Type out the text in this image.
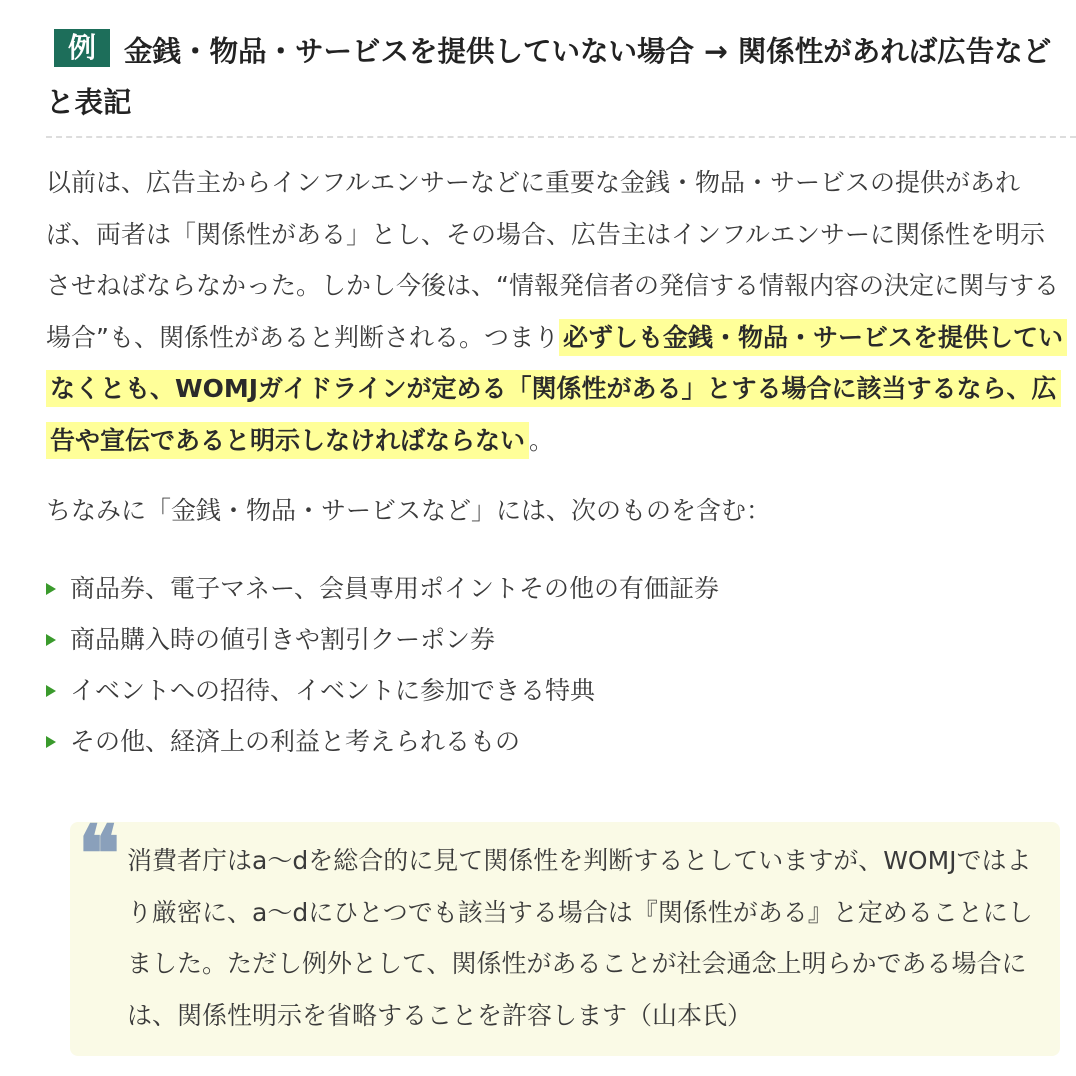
例 金銭・物品・サービスを提供していない場合 → 関係性があれば広告などと表記

以前は、広告主からインフルエンサーなどに重要な金銭・物品・サービスの提供があれば、両者は「関係性がある」とし、その場合、広告主はインフルエンサーに関係性を明示させねばならなかった。しかし今後は、“情報発信者の発信する情報内容の決定に関与する場合”も、関係性があると判断される。つまり 必ずしも金銭・物品・サービスを提供していなくとも、WOMJガイドラインが定める「関係性がある」とする場合に該当するなら、広告や宣伝であると明示しなければならない 。

ちなみに「金銭・物品・サービスなど」には、次のものを含む：

商品券、電子マネー、会員専用ポイントその他の有価証券
商品購入時の値引きや割引クーポン券
イベントへの招待、イベントに参加できる特典
その他、経済上の利益と考えられるもの
❝ 消費者庁はa〜dを総合的に見て関係性を判断するとしていますが、WOMJではより厳密に、a〜dにひとつでも該当する場合は『関係性がある』と定めることにしました。ただし例外として、関係性があることが社会通念上明らかである場合には、関係性明示を省略することを許容します（山本氏）
